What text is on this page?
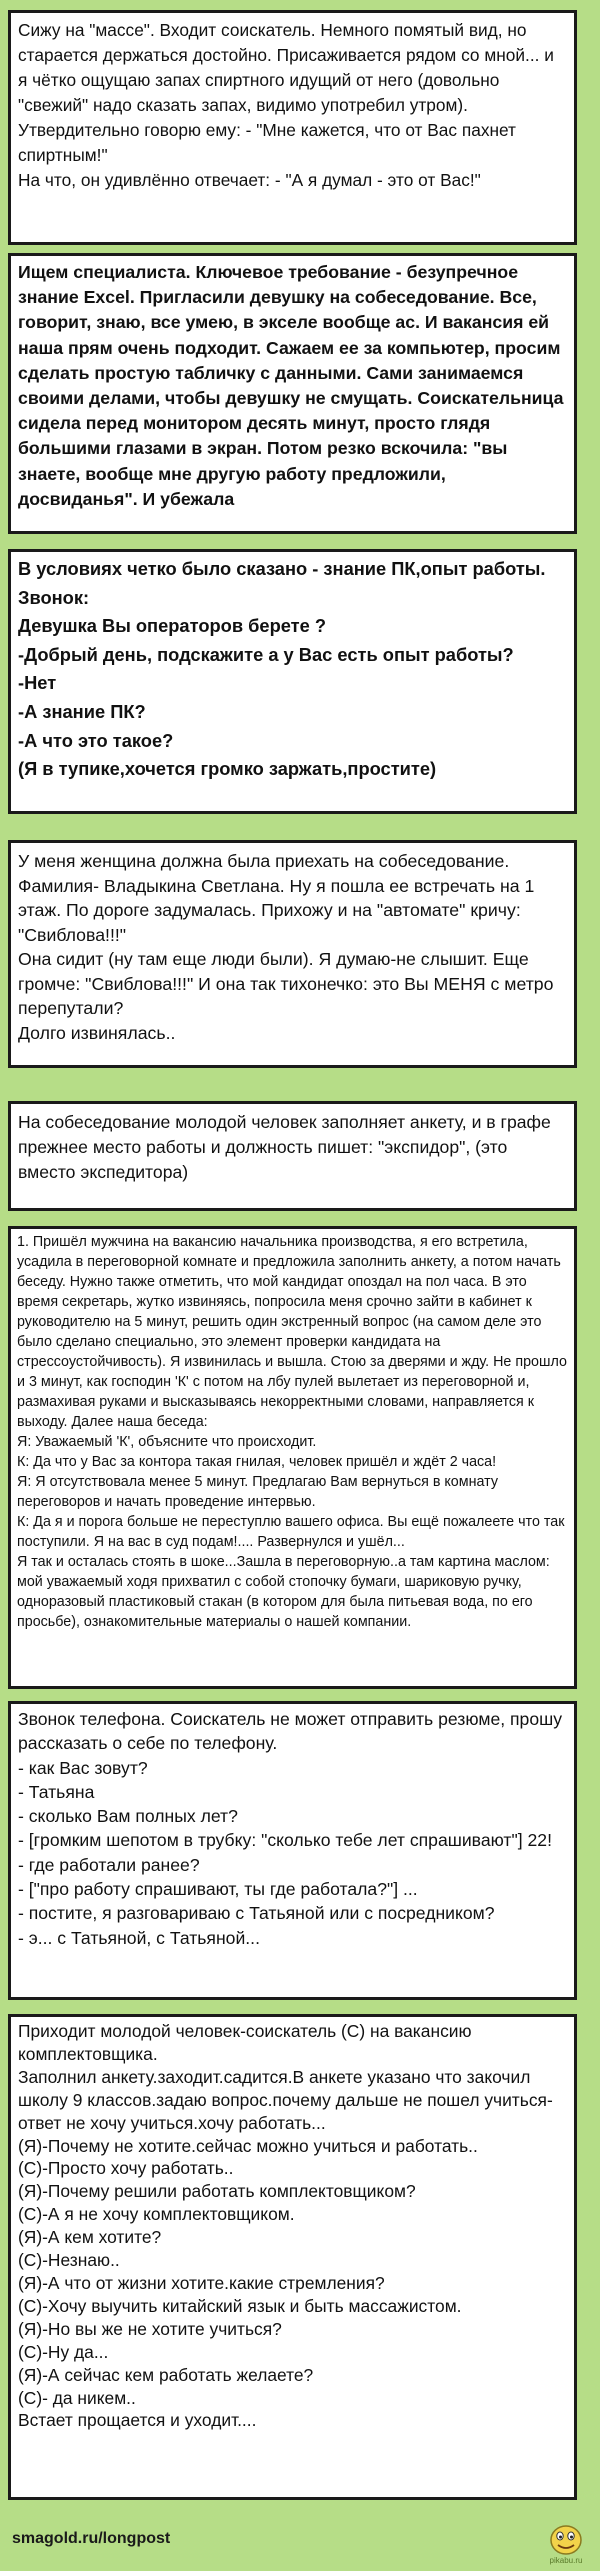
Сижу на "массе". Входит соискатель. Немного помятый вид, но старается держаться достойно. Присаживается рядом со мной... и я чётко ощущаю запах спиртного идущий от него (довольно "свежий" надо сказать запах, видимо употребил утром).
Утвердительно говорю ему: - "Мне кажется, что от Вас пахнет спиртным!"
На что, он удивлённо отвечает: - "А я думал - это от Вас!"
Ищем специалиста. Ключевое требование - безупречное знание Excel. Пригласили девушку на собеседование. Все, говорит, знаю, все умею, в экселе вообще ас. И вакансия ей наша прям очень подходит. Сажаем ее за компьютер, просим сделать простую табличку с данными. Сами занимаемся своими делами, чтобы девушку не смущать. Соискательница сидела перед монитором десять минут, просто глядя большими глазами в экран. Потом резко вскочила: "вы знаете, вообще мне другую работу предложили, досвиданья". И убежала
В условиях четко было сказано - знание ПК,опыт работы.
Звонок:
Девушка Вы операторов берете ?
-Добрый день, подскажите а у Вас есть опыт работы?
-Нет
-А знание ПК?
-А что это такое?
(Я в тупике,хочется громко заржать,простите)
У меня женщина должна была приехать на собеседование. Фамилия- Владыкина Светлана. Ну я пошла ее встречать на 1 этаж. По дороге задумалась. Прихожу и на "автомате" кричу: "Свиблова!!!"
Она сидит (ну там еще люди были). Я думаю-не слышит. Еще громче: "Свиблова!!!" И она так тихонечко: это Вы МЕНЯ с метро перепутали?
Долго извинялась..
На собеседование молодой человек заполняет анкету, и в графе прежнее место работы и должность пишет: "экспидор", (это вместо экспедитора)
1. Пришёл мужчина на вакансию начальника производства, я его встретила, усадила в переговорной комнате и предложила заполнить анкету, а потом начать беседу. Нужно также отметить, что мой кандидат опоздал на пол часа. В это время секретарь, жутко извиняясь, попросила меня срочно зайти в кабинет к руководителю на 5 минут, решить один экстренный вопрос (на самом деле это было сделано специально, это элемент проверки кандидата на стрессоустойчивость). Я извинилась и вышла. Стою за дверями и жду. Не прошло и 3 минут, как господин 'К' с потом на лбу пулей вылетает из переговорной и, размахивая руками и высказываясь некорректными словами, направляется к выходу. Далее наша беседа:
Я: Уважаемый 'К', объясните что происходит.
К: Да что у Вас за контора такая гнилая, человек пришёл и ждёт 2 часа!
Я: Я отсутствовала менее 5 минут. Предлагаю Вам вернуться в комнату переговоров и начать проведение интервью.
К: Да я и порога больше не переступлю вашего офиса. Вы ещё пожалеете что так поступили. Я на вас в суд подам!.... Развернулся и ушёл...
Я так и осталась стоять в шоке...Зашла в переговорную..а там картина маслом: мой уважаемый ходя прихватил с собой стопочку бумаги, шариковую ручку, одноразовый пластиковый стакан (в котором для была питьевая вода, по его просьбе), ознакомительные материалы о нашей компании.
Звонок телефона. Соискатель не может отправить резюме, прошу рассказать о себе по телефону.
- как Вас зовут?
- Татьяна
- сколько Вам полных лет?
- [громким шепотом в трубку: "сколько тебе лет спрашивают"] 22!
- где работали ранее?
- ["про работу спрашивают, ты где работала?"] ...
- постите, я разговариваю с Татьяной или с посредником?
- э... с Татьяной, с Татьяной...
Приходит молодой человек-соискатель (С) на вакансию комплектовщика.
Заполнил анкету.заходит.садится.В анкете указано что закочил школу 9 классов.задаю вопрос.почему дальше не пошел учиться- ответ не хочу учиться.хочу работать...
(Я)-Почему не хотите.сейчас можно учиться и работать..
(С)-Просто хочу работать..
(Я)-Почему решили работать комплектовщиком?
(С)-А я не хочу комплектовщиком.
(Я)-А кем хотите?
(С)-Незнаю..
(Я)-А что от жизни хотите.какие стремления?
(С)-Хочу выучить китайский язык и быть массажистом.
(Я)-Но вы же не хотите учиться?
(С)-Ну да...
(Я)-А сейчас кем работать желаете?
(С)- да никем..
Встает прощается и уходит....
smagold.ru/longpost
pikabu.ru
